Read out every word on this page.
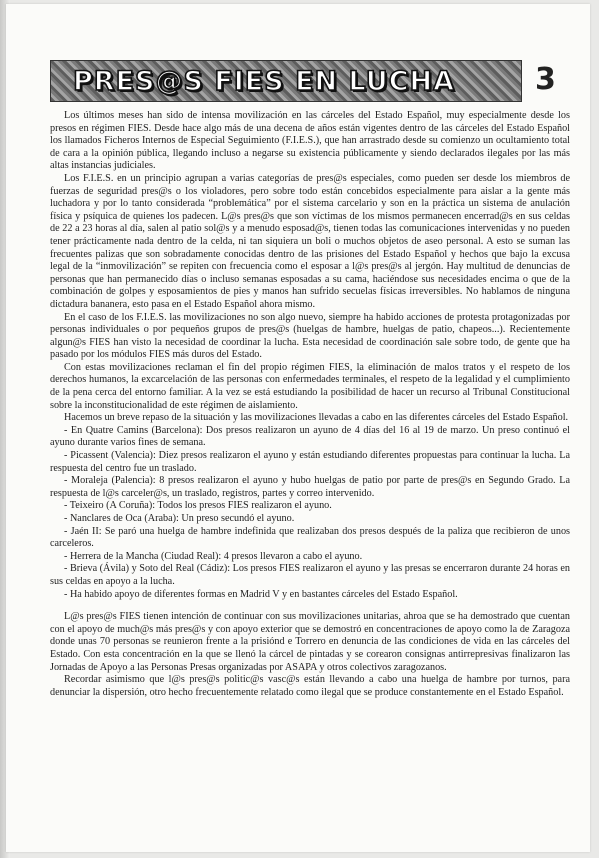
PRES@S FIES EN LUCHA	3

Los últimos meses han sido de intensa movilización en las cárceles del Estado Español, muy especialmente desde los presos en régimen FIES. Desde hace algo más de una decena de años están vigentes dentro de las cárceles del Estado Español los llamados Ficheros Internos de Especial Seguimiento (F.I.E.S.), que han arrastrado desde su comienzo un ocultamiento total de cara a la opinión pública, llegando incluso a negarse su existencia públicamente y siendo declarados ilegales por las más altas instancias judiciales.

Los F.I.E.S. en un principio agrupan a varias categorías de pres@s especiales, como pueden ser desde los miembros de fuerzas de seguridad pres@s o los violadores, pero sobre todo están concebidos especialmente para aislar a la gente más luchadora y por lo tanto considerada “problemática” por el sistema carcelario y son en la práctica un sistema de anulación física y psíquica de quienes los padecen. L@s pres@s que son víctimas de los mismos permanecen encerrad@s en sus celdas de 22 a 23 horas al día, salen al patio sol@s y a menudo esposad@s, tienen todas las comunicaciones intervenidas y no pueden tener prácticamente nada dentro de la celda, ni tan siquiera un boli o muchos objetos de aseo personal. A esto se suman las frecuentes palizas que son sobradamente conocidas dentro de las prisiones del Estado Español y hechos que bajo la excusa legal de la “inmovilización” se repiten con frecuencia como el esposar a l@s pres@s al jergón. Hay multitud de denuncias de personas que han permanecido días o incluso semanas esposadas a su cama, haciéndose sus necesidades encima o que de la combinación de golpes y esposamientos de pies y manos han sufrido secuelas físicas irreversibles. No hablamos de ninguna dictadura bananera, esto pasa en el Estado Español ahora mismo.

En el caso de los F.I.E.S. las movilizaciones no son algo nuevo, siempre ha habido acciones de protesta protagonizadas por personas individuales o por pequeños grupos de pres@s (huelgas de hambre, huelgas de patio, chapeos...). Recientemente algun@s FIES han visto la necesidad de coordinar la lucha. Esta necesidad de coordinación sale sobre todo, de gente que ha pasado por los módulos FIES más duros del Estado.

Con estas movilizaciones reclaman el fin del propio régimen FIES, la eliminación de malos tratos y el respeto de los derechos humanos, la excarcelación de las personas con enfermedades terminales, el respeto de la legalidad y el cumplimiento de la pena cerca del entorno familiar. A la vez se está estudiando la posibilidad de hacer un recurso al Tribunal Constitucional sobre la inconstitucionalidad de este régimen de aislamiento.

Hacemos un breve repaso de la situación y las movilizaciones llevadas a cabo en las diferentes cárceles del Estado Español.

- En Quatre Camins (Barcelona): Dos presos realizaron un ayuno de 4 días del 16 al 19 de marzo. Un preso continuó el ayuno durante varios fines de semana.

- Picassent (Valencia): Diez presos realizaron el ayuno y están estudiando diferentes propuestas para continuar la lucha. La respuesta del centro fue un traslado.

- Moraleja (Palencia): 8 presos realizaron el ayuno y hubo huelgas de patio por parte de pres@s en Segundo Grado. La respuesta de l@s carceler@s, un traslado, registros, partes y correo intervenido.

- Teixeiro (A Coruña): Todos los presos FIES realizaron el ayuno.

- Nanclares de Oca (Araba): Un preso secundó el ayuno.

- Jaén II: Se paró una huelga de hambre indefinida que realizaban dos presos después de la paliza que recibieron de unos carceleros.

- Herrera de la Mancha (Ciudad Real): 4 presos llevaron a cabo el ayuno.

- Brieva (Ávila) y Soto del Real (Cádiz): Los presos FIES realizaron el ayuno y las presas se encerraron durante 24 horas en sus celdas en apoyo a la lucha.

- Ha habido apoyo de diferentes formas en Madrid V y en bastantes cárceles del Estado Español.

L@s pres@s FIES tienen intención de continuar con sus movilizaciones unitarias, ahroa que se ha demostrado que cuentan con el apoyo de much@s más pres@s y con apoyo exterior que se demostró en concentraciones de apoyo como la de Zaragoza donde unas 70 personas se reunieron frente a la prisiónd e Torrero en denuncia de las condiciones de vida en las cárceles del Estado. Con esta concentración en la que se llenó la cárcel de pintadas y se corearon consignas antirrepresivas finalizaron las Jornadas de Apoyo a las Personas Presas organizadas por ASAPA y otros colectivos zaragozanos.

Recordar asimismo que l@s pres@s politic@s vasc@s están llevando a cabo una huelga de hambre por turnos, para denunciar la dispersión, otro hecho frecuentemente relatado como ilegal que se produce constantemente en el Estado Español.
